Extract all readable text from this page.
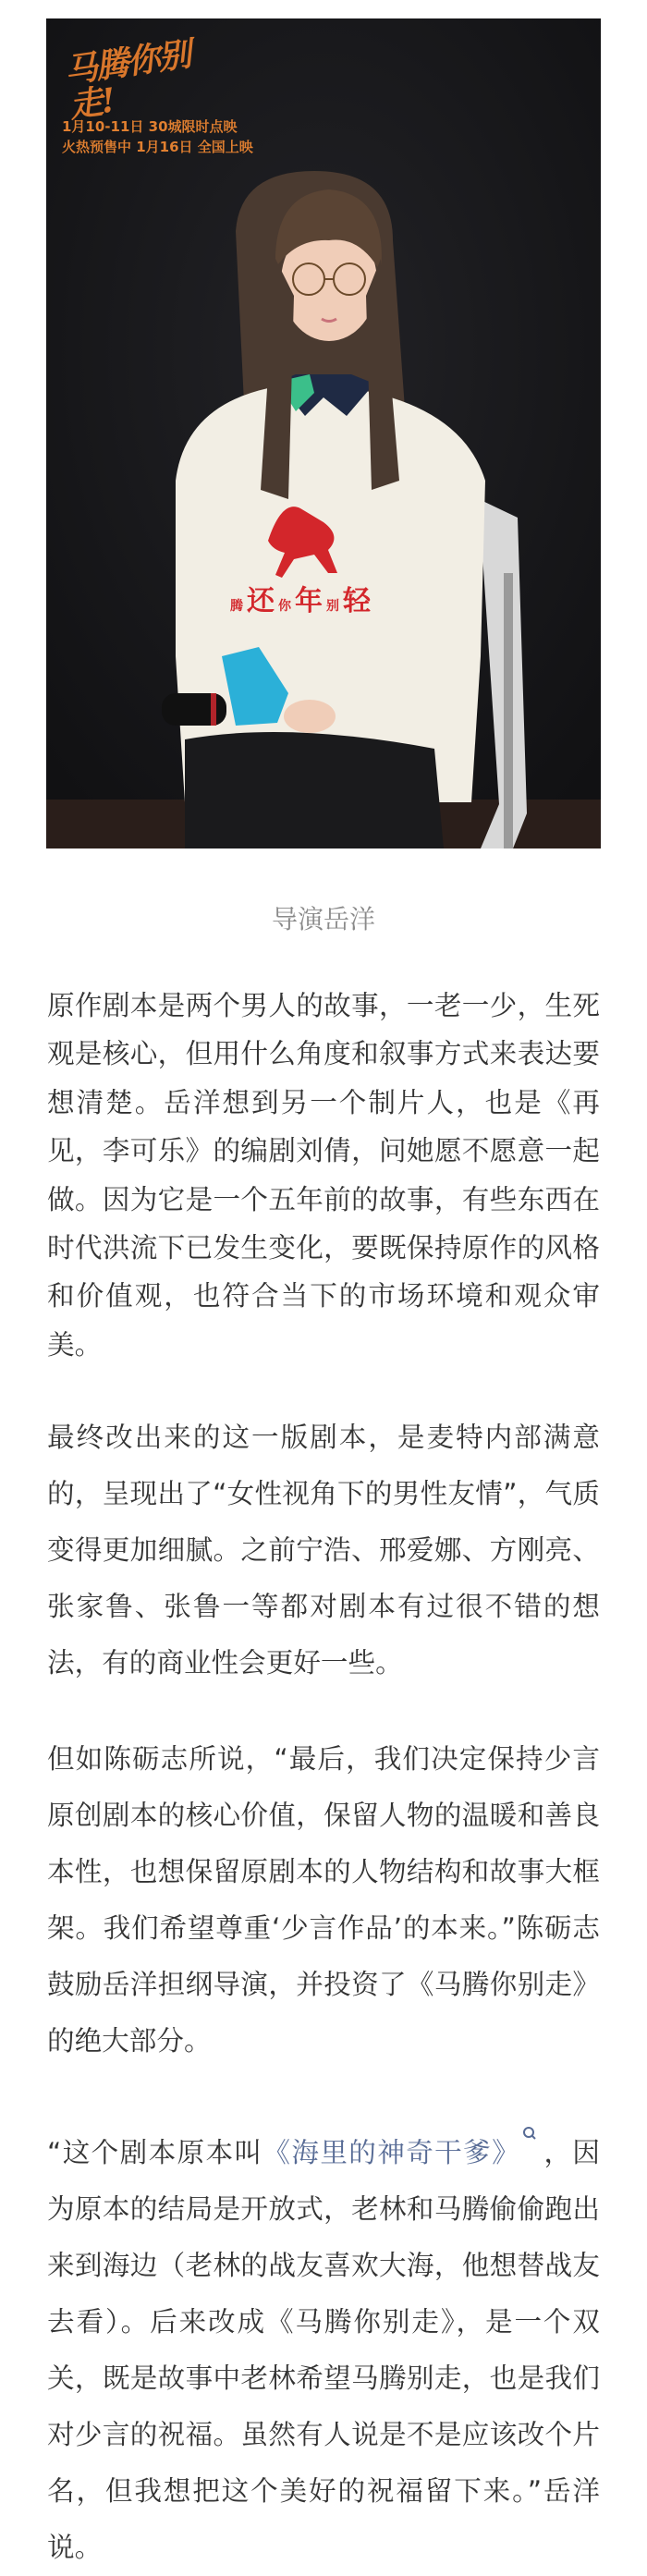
马腾你别走!
1月10-11日 30城限时点映
火热预售中 1月16日 全国上映
腾 还 你 年 别 轻
导演岳洋

原作剧本是两个男人的故事，一老一少，生死观是核心，但用什么角度和叙事方式来表达要想清楚。岳洋想到另一个制片人，也是《再见，李可乐》的编剧刘倩，问她愿不愿意一起做。因为它是一个五年前的故事，有些东西在时代洪流下已发生变化，要既保持原作的风格和价值观，也符合当下的市场环境和观众审美。

最终改出来的这一版剧本，是麦特内部满意的，呈现出了“女性视角下的男性友情”，气质变得更加细腻。之前宁浩、邢爱娜、方刚亮、张家鲁、张鲁一等都对剧本有过很不错的想法，有的商业性会更好一些。

但如陈砺志所说，“最后，我们决定保持少言原创剧本的核心价值，保留人物的温暖和善良本性，也想保留原剧本的人物结构和故事大框架。我们希望尊重‘少言作品’的本来。”陈砺志鼓励岳洋担纲导演，并投资了《马腾你别走》的绝大部分。

“这个剧本原本叫《海里的神奇干爹》 ，因为原本的结局是开放式，老林和马腾偷偷跑出来到海边（老林的战友喜欢大海，他想替战友去看）。后来改成《马腾你别走》，是一个双关，既是故事中老林希望马腾别走，也是我们对少言的祝福。虽然有人说是不是应该改个片名，但我想把这个美好的祝福留下来。”岳洋说。
